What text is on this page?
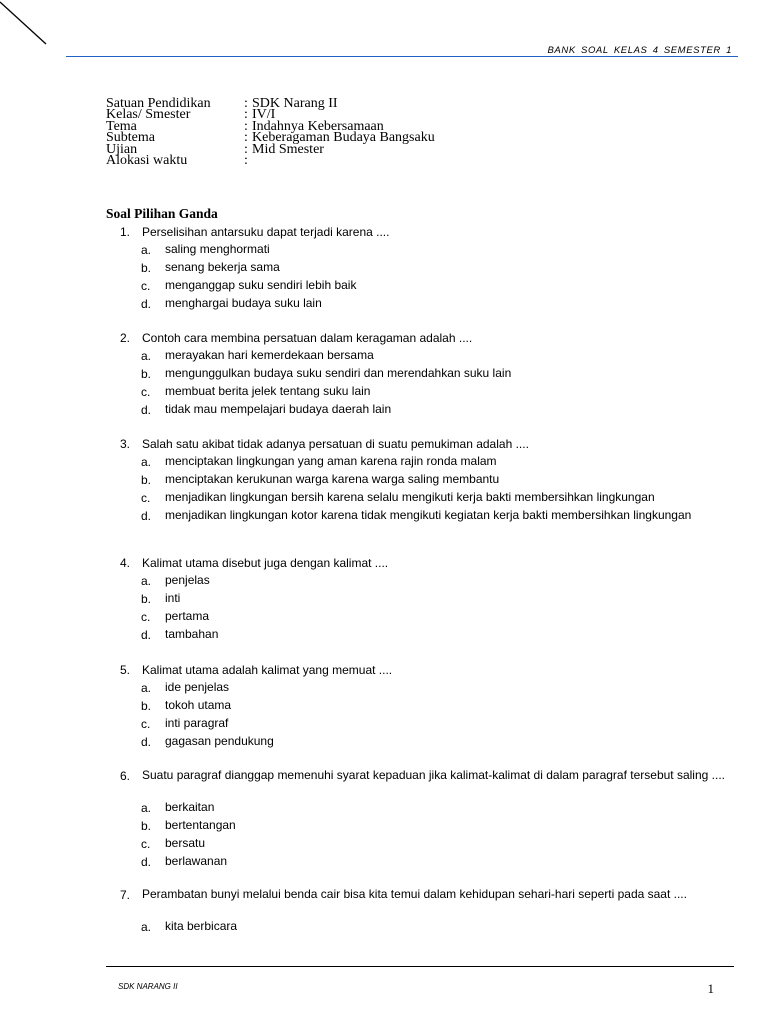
BANK SOAL KELAS 4 SEMESTER 1
Satuan Pendidikan	: SDK Narang II
Kelas/ Smester	: IV/I
Tema	: Indahnya Kebersamaan
Subtema	: Keberagaman Budaya Bangsaku
Ujian	: Mid Smester
Alokasi waktu	:
Soal Pilihan Ganda
1. Perselisihan antarsuku dapat terjadi karena ....
a.	saling menghormati
b.	senang bekerja sama
c.	menganggap suku sendiri lebih baik
d.	menghargai budaya suku lain
2. Contoh cara membina persatuan dalam keragaman adalah ....
a.	merayakan hari kemerdekaan bersama
b.	mengunggulkan budaya suku sendiri dan merendahkan suku lain
c.	membuat berita jelek tentang suku lain
d.	tidak mau mempelajari budaya daerah lain
3. Salah satu akibat tidak adanya persatuan di suatu pemukiman adalah ....
a.	menciptakan lingkungan yang aman karena rajin ronda malam
b.	menciptakan kerukunan warga karena warga saling membantu
c.	menjadikan lingkungan bersih karena selalu mengikuti kerja bakti membersihkan lingkungan
d.	menjadikan lingkungan kotor karena tidak mengikuti kegiatan kerja bakti membersihkan lingkungan
4. Kalimat utama disebut juga dengan kalimat ....
a.	penjelas
b.	inti
c.	pertama
d.	tambahan
5. Kalimat utama adalah kalimat yang memuat ....
a.	ide penjelas
b.	tokoh utama
c.	inti paragraf
d.	gagasan pendukung
6. Suatu paragraf dianggap memenuhi syarat kepaduan jika kalimat-kalimat di dalam paragraf tersebut saling ....
a.	berkaitan
b.	bertentangan
c.	bersatu
d.	berlawanan
7. Perambatan bunyi melalui benda cair bisa kita temui dalam kehidupan sehari-hari seperti pada saat ....
a.	kita berbicara
SDK NARANG II	1
